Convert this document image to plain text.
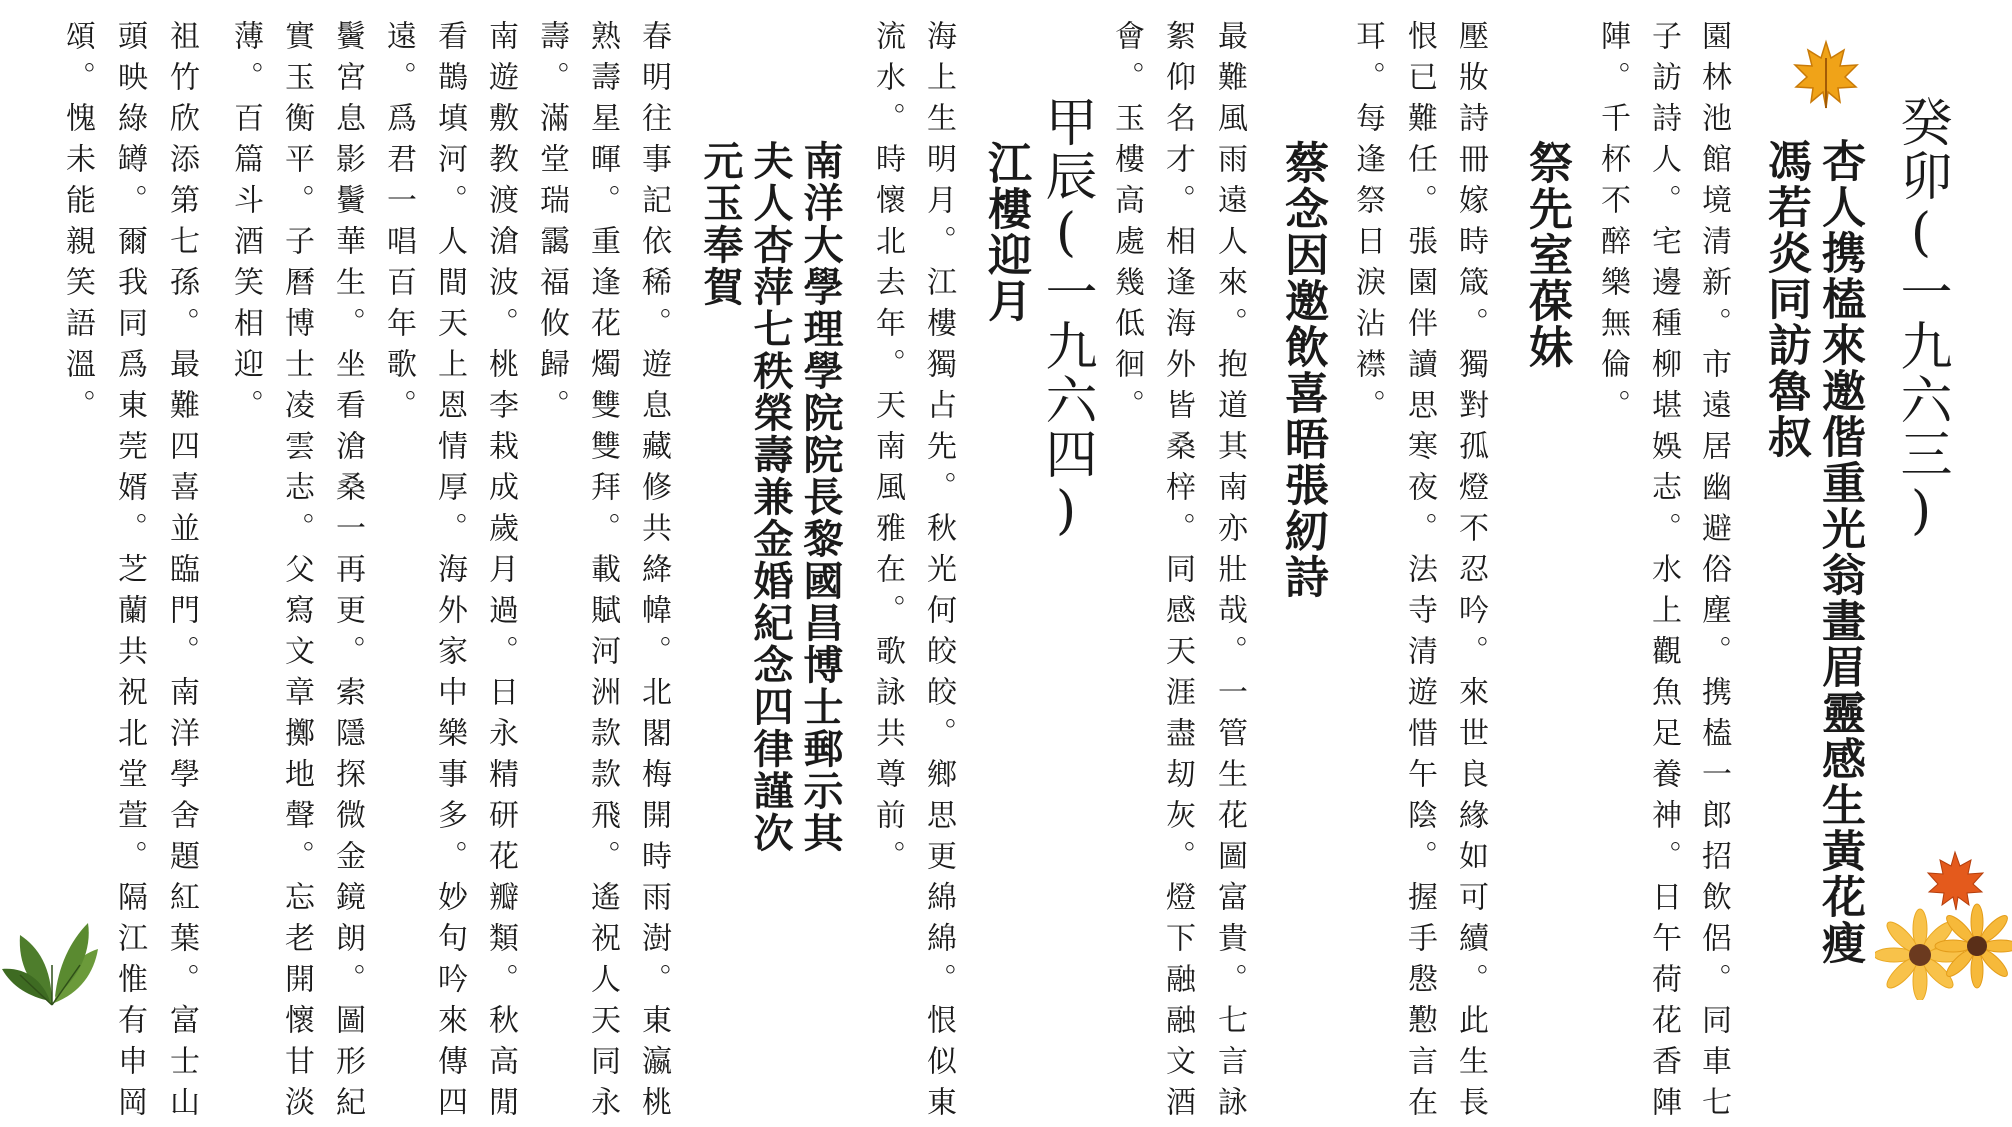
癸卯(一九六三)
杏人携榼來邀偕重光翁畫眉靈感生黃花瘦
馮若炎同訪魯叔
園林池館境清新。市遠居幽避俗塵。携榼一郎招飲侶。同車七
子訪詩人。宅邊種柳堪娛志。水上觀魚足養神。日午荷花香陣
陣。千杯不醉樂無倫。
祭先室葆妹
壓妝詩冊嫁時箴。獨對孤燈不忍吟。來世良緣如可續。此生長
恨已難任。張園伴讀思寒夜。法寺清遊惜午陰。握手慇懃言在
耳。每逢祭日淚沾襟。
蔡念因邀飲喜晤張紉詩
最難風雨遠人來。抱道其南亦壯哉。一管生花圖富貴。七言詠
絮仰名才。相逢海外皆桑梓。同感天涯盡刧灰。燈下融融文酒
會。玉樓高處幾低徊。
甲辰(一九六四)
江樓迎月
海上生明月。江樓獨占先。秋光何皎皎。鄉思更綿綿。恨似東
流水。時懷北去年。天南風雅在。歌詠共尊前。
南洋大學理學院院長黎國昌博士郵示其
夫人杏萍七秩榮壽兼金婚紀念四律謹次
元玉奉賀
春明往事記依稀。遊息藏修共絳幃。北閣梅開時雨澍。東瀛桃
熟壽星暉。重逢花燭雙雙拜。載賦河洲款款飛。遙祝人天同永
壽。滿堂瑞靄福攸歸。
南遊敷教渡滄波。桃李栽成歲月過。日永精研花瓣類。秋高閒
看鵲填河。人間天上恩情厚。海外家中樂事多。妙句吟來傳四
遠。爲君一唱百年歌。
鬢宮息影鬢華生。坐看滄桑一再更。索隱探微金鏡朗。圖形紀
實玉衡平。子曆博士凌雲志。父寫文章擲地聲。忘老開懷甘淡
薄。百篇斗酒笑相迎。
祖竹欣添第七孫。最難四喜並臨門。南洋學舍題紅葉。富士山
頭映綠罇。爾我同爲東莞婿。芝蘭共祝北堂萱。隔江惟有申岡
頌。愧未能親笑語溫。
